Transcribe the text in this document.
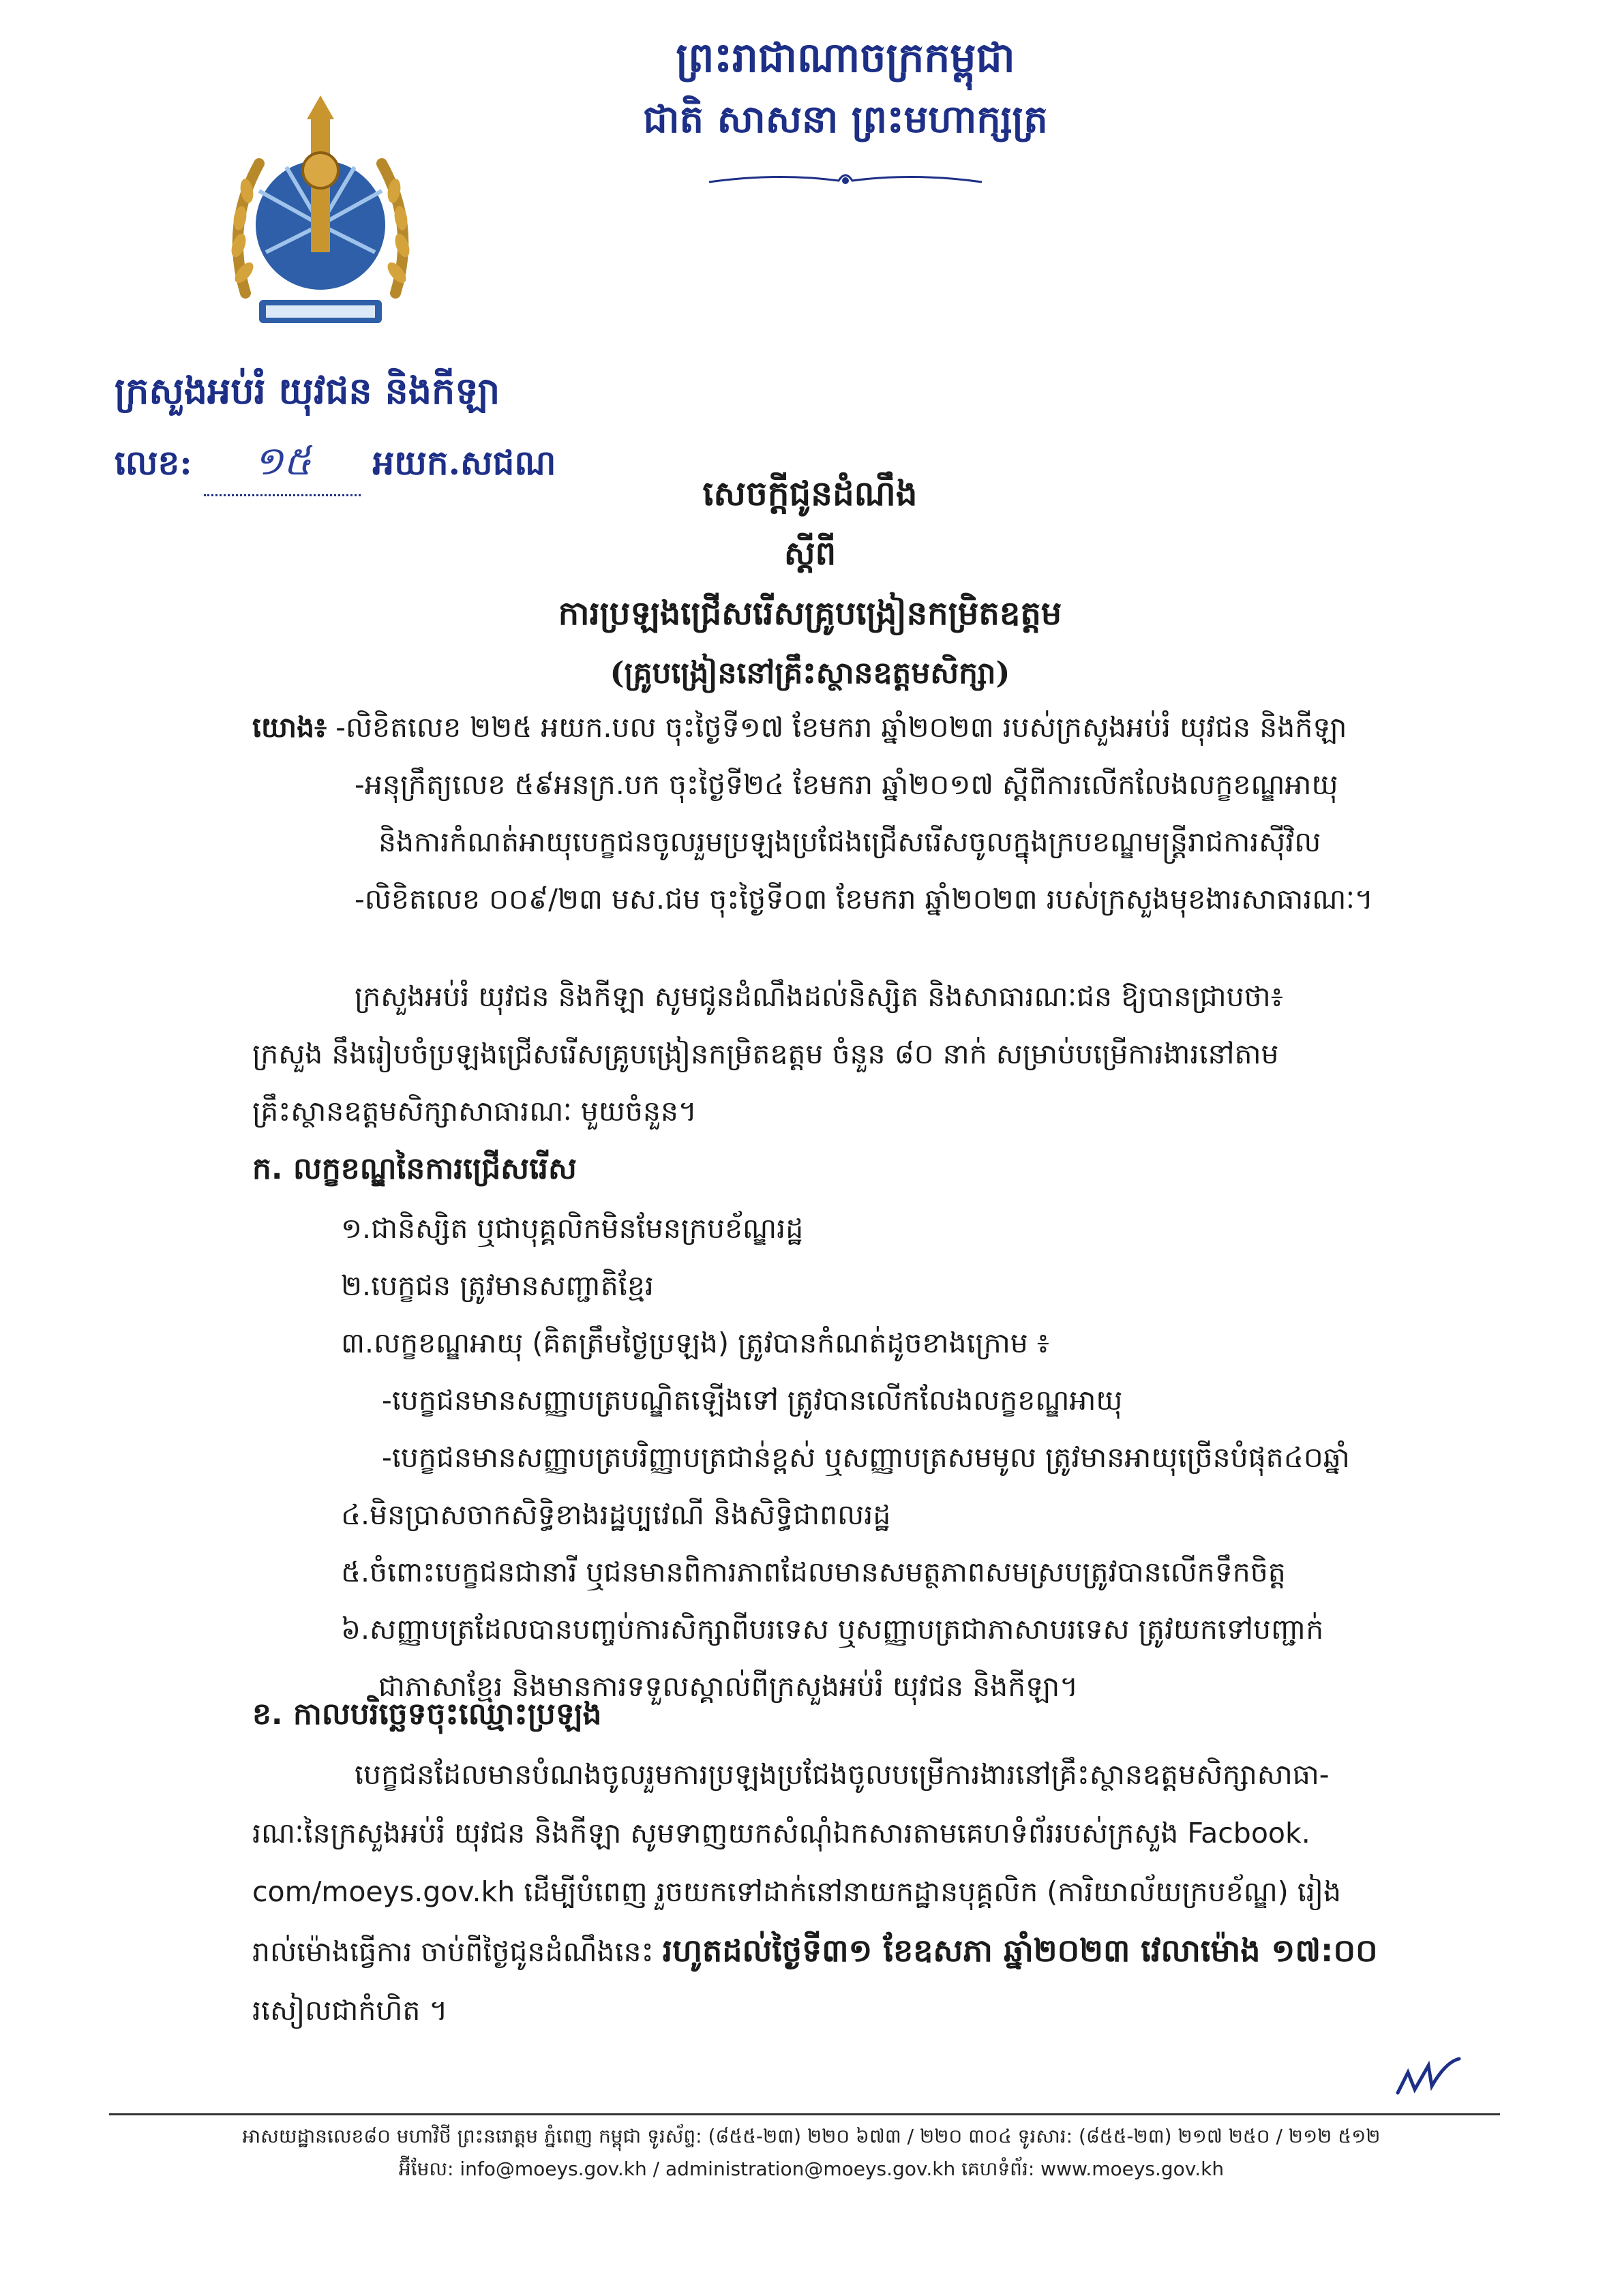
ព្រះរាជាណាចក្រកម្ពុជា
ជាតិ សាសនា ព្រះមហាក្សត្រ
ក្រសួងអប់រំ យុវជន និងកីឡា
លេខ: ១៥ អយក.សជណ
សេចក្តីជូនដំណឹង
ស្តីពី
ការប្រឡងជ្រើសរើសគ្រូបង្រៀនកម្រិតឧត្តម
(គ្រូបង្រៀននៅគ្រឹះស្ថានឧត្តមសិក្សា)
យោង៖ -លិខិតលេខ ២២៥ អយក.បល ចុះថ្ងៃទី១៧ ខែមករា ឆ្នាំ២០២៣ របស់ក្រសួងអប់រំ យុវជន និងកីឡា
-អនុក្រឹត្យលេខ ៥៩អនក្រ.បក ចុះថ្ងៃទី២៤ ខែមករា ឆ្នាំ២០១៧ ស្តីពីការលើកលែងលក្ខខណ្ឌអាយុ
និងការកំណត់អាយុបេក្ខជនចូលរួមប្រឡងប្រជែងជ្រើសរើសចូលក្នុងក្របខណ្ឌមន្ត្រីរាជការស៊ីវិល
-លិខិតលេខ ០០៩/២៣ មស.ជម ចុះថ្ងៃទី០៣ ខែមករា ឆ្នាំ២០២៣ របស់ក្រសួងមុខងារសាធារណៈ។
ក្រសួងអប់រំ យុវជន និងកីឡា សូមជូនដំណឹងដល់និស្សិត និងសាធារណៈជន ឱ្យបានជ្រាបថា៖
ក្រសួង នឹងរៀបចំប្រឡងជ្រើសរើសគ្រូបង្រៀនកម្រិតឧត្តម ចំនួន ៨០ នាក់ សម្រាប់បម្រើការងារនៅតាម
គ្រឹះស្ថានឧត្តមសិក្សាសាធារណៈ មួយចំនួន។
ក. លក្ខខណ្ឌនៃការជ្រើសរើស
១.ជានិស្សិត ឬជាបុគ្គលិកមិនមែនក្របខ័ណ្ឌរដ្ឋ
២.បេក្ខជន ត្រូវមានសញ្ជាតិខ្មែរ
៣.លក្ខខណ្ឌអាយុ (គិតត្រឹមថ្ងៃប្រឡង) ត្រូវបានកំណត់ដូចខាងក្រោម ៖
-បេក្ខជនមានសញ្ញាបត្របណ្ឌិតឡើងទៅ ត្រូវបានលើកលែងលក្ខខណ្ឌអាយុ
-បេក្ខជនមានសញ្ញាបត្របរិញ្ញាបត្រជាន់ខ្ពស់ ឬសញ្ញាបត្រសមមូល ត្រូវមានអាយុច្រើនបំផុត៤០ឆ្នាំ
៤.មិនប្រាសចាកសិទ្ធិខាងរដ្ឋប្បវេណី និងសិទ្ធិជាពលរដ្ឋ
៥.ចំពោះបេក្ខជនជានារី ឬជនមានពិការភាពដែលមានសមត្ថភាពសមស្របត្រូវបានលើកទឹកចិត្ត
៦.សញ្ញាបត្រដែលបានបញ្ចប់ការសិក្សាពីបរទេស ឬសញ្ញាបត្រជាភាសាបរទេស ត្រូវយកទៅបញ្ជាក់
ជាភាសាខ្មែរ និងមានការទទួលស្គាល់ពីក្រសួងអប់រំ យុវជន និងកីឡា។
ខ. កាលបរិច្ឆេទចុះឈ្មោះប្រឡង
បេក្ខជនដែលមានបំណងចូលរួមការប្រឡងប្រជែងចូលបម្រើការងារនៅគ្រឹះស្ថានឧត្តមសិក្សាសាធា-
រណៈនៃក្រសួងអប់រំ យុវជន និងកីឡា សូមទាញយកសំណុំឯកសារតាមគេហទំព័ររបស់ក្រសួង Facbook.
com/moeys.gov.kh ដើម្បីបំពេញ រួចយកទៅដាក់នៅនាយកដ្ឋានបុគ្គលិក (ការិយាល័យក្របខ័ណ្ឌ) រៀង
រាល់ម៉ោងធ្វើការ ចាប់ពីថ្ងៃជូនដំណឹងនេះ រហូតដល់ថ្ងៃទី៣១ ខែឧសភា ឆ្នាំ២០២៣ វេលាម៉ោង ១៧:០០
រសៀលជាកំហិត ។
អាសយដ្ឋានលេខ៨០ មហាវិថី ព្រះនរោត្តម ភ្នំពេញ កម្ពុជា ទូរស័ព្ទ: (៨៥៥-២៣) ២២០ ៦៧៣ / ២២០ ៣០៤ ទូរសារ: (៨៥៥-២៣) ២១៧ ២៥០ / ២១២ ៥១២
អ៊ីមែល: info@moeys.gov.kh / administration@moeys.gov.kh គេហទំព័រ: www.moeys.gov.kh
